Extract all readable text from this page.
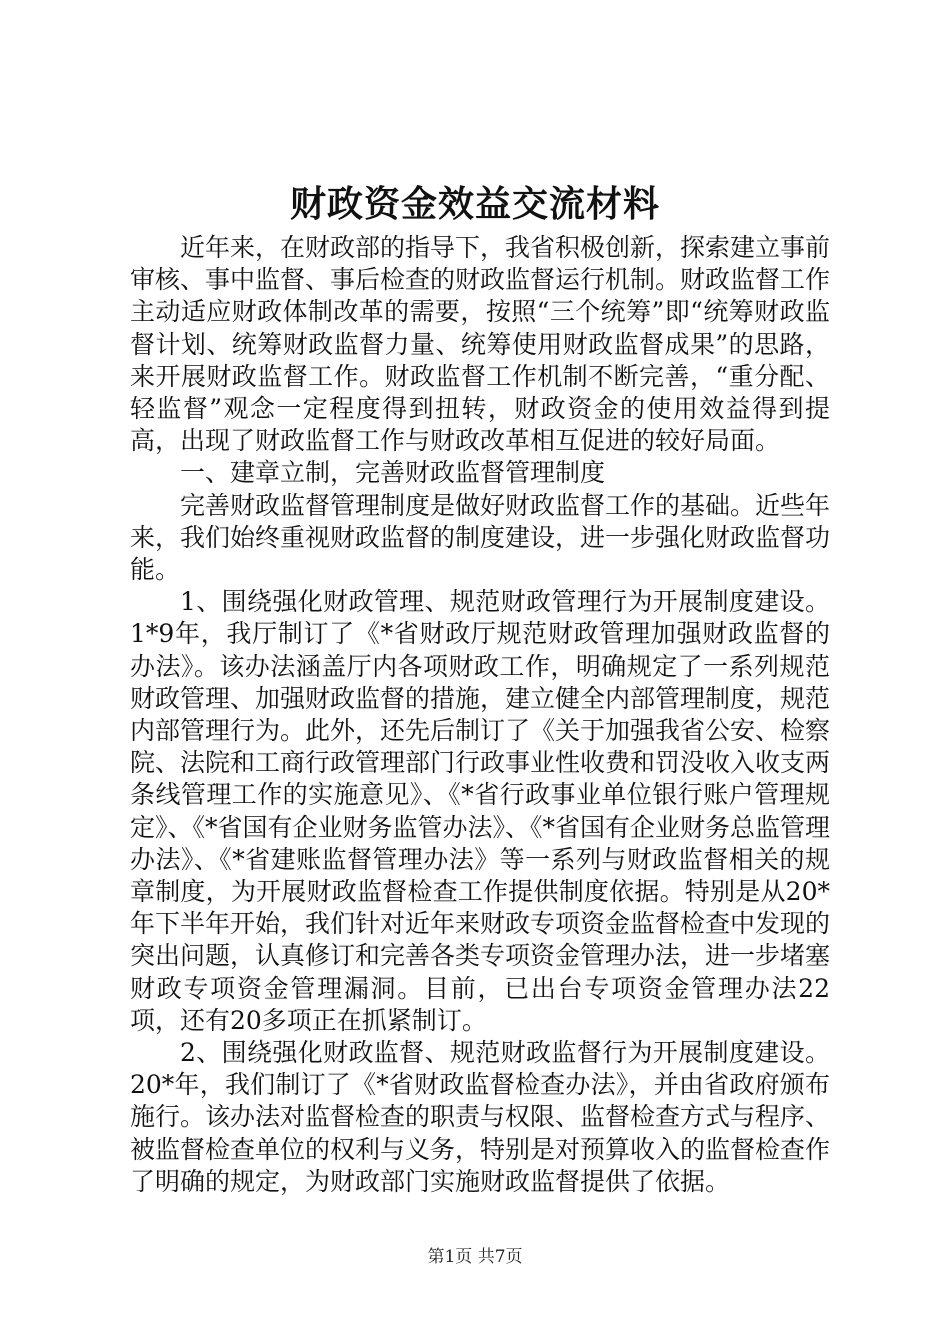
财政资金效益交流材料

近年来，在财政部的指导下，我省积极创新，探索建立事前审核、事中监督、事后检查的财政监督运行机制。财政监督工作主动适应财政体制改革的需要，按照“三个统筹”即“统筹财政监督计划、统筹财政监督力量、统筹使用财政监督成果”的思路，来开展财政监督工作。财政监督工作机制不断完善，“重分配、轻监督”观念一定程度得到扭转，财政资金的使用效益得到提高，出现了财政监督工作与财政改革相互促进的较好局面。

一、建章立制，完善财政监督管理制度

完善财政监督管理制度是做好财政监督工作的基础。近些年来，我们始终重视财政监督的制度建设，进一步强化财政监督功能。

1、围绕强化财政管理、规范财政管理行为开展制度建设。1*9年，我厅制订了《*省财政厅规范财政管理加强财政监督的办法》。该办法涵盖厅内各项财政工作，明确规定了一系列规范财政管理、加强财政监督的措施，建立健全内部管理制度，规范内部管理行为。此外，还先后制订了《关于加强我省公安、检察院、法院和工商行政管理部门行政事业性收费和罚没收入收支两条线管理工作的实施意见》、《*省行政事业单位银行账户管理规定》、《*省国有企业财务监管办法》、《*省国有企业财务总监管理办法》、《*省建账监督管理办法》等一系列与财政监督相关的规章制度，为开展财政监督检查工作提供制度依据。特别是从20*年下半年开始，我们针对近年来财政专项资金监督检查中发现的突出问题，认真修订和完善各类专项资金管理办法，进一步堵塞财政专项资金管理漏洞。目前，已出台专项资金管理办法22项，还有20多项正在抓紧制订。

2、围绕强化财政监督、规范财政监督行为开展制度建设。20*年，我们制订了《*省财政监督检查办法》，并由省政府颁布施行。该办法对监督检查的职责与权限、监督检查方式与程序、被监督检查单位的权利与义务，特别是对预算收入的监督检查作了明确的规定，为财政部门实施财政监督提供了依据。

第1页 共7页
